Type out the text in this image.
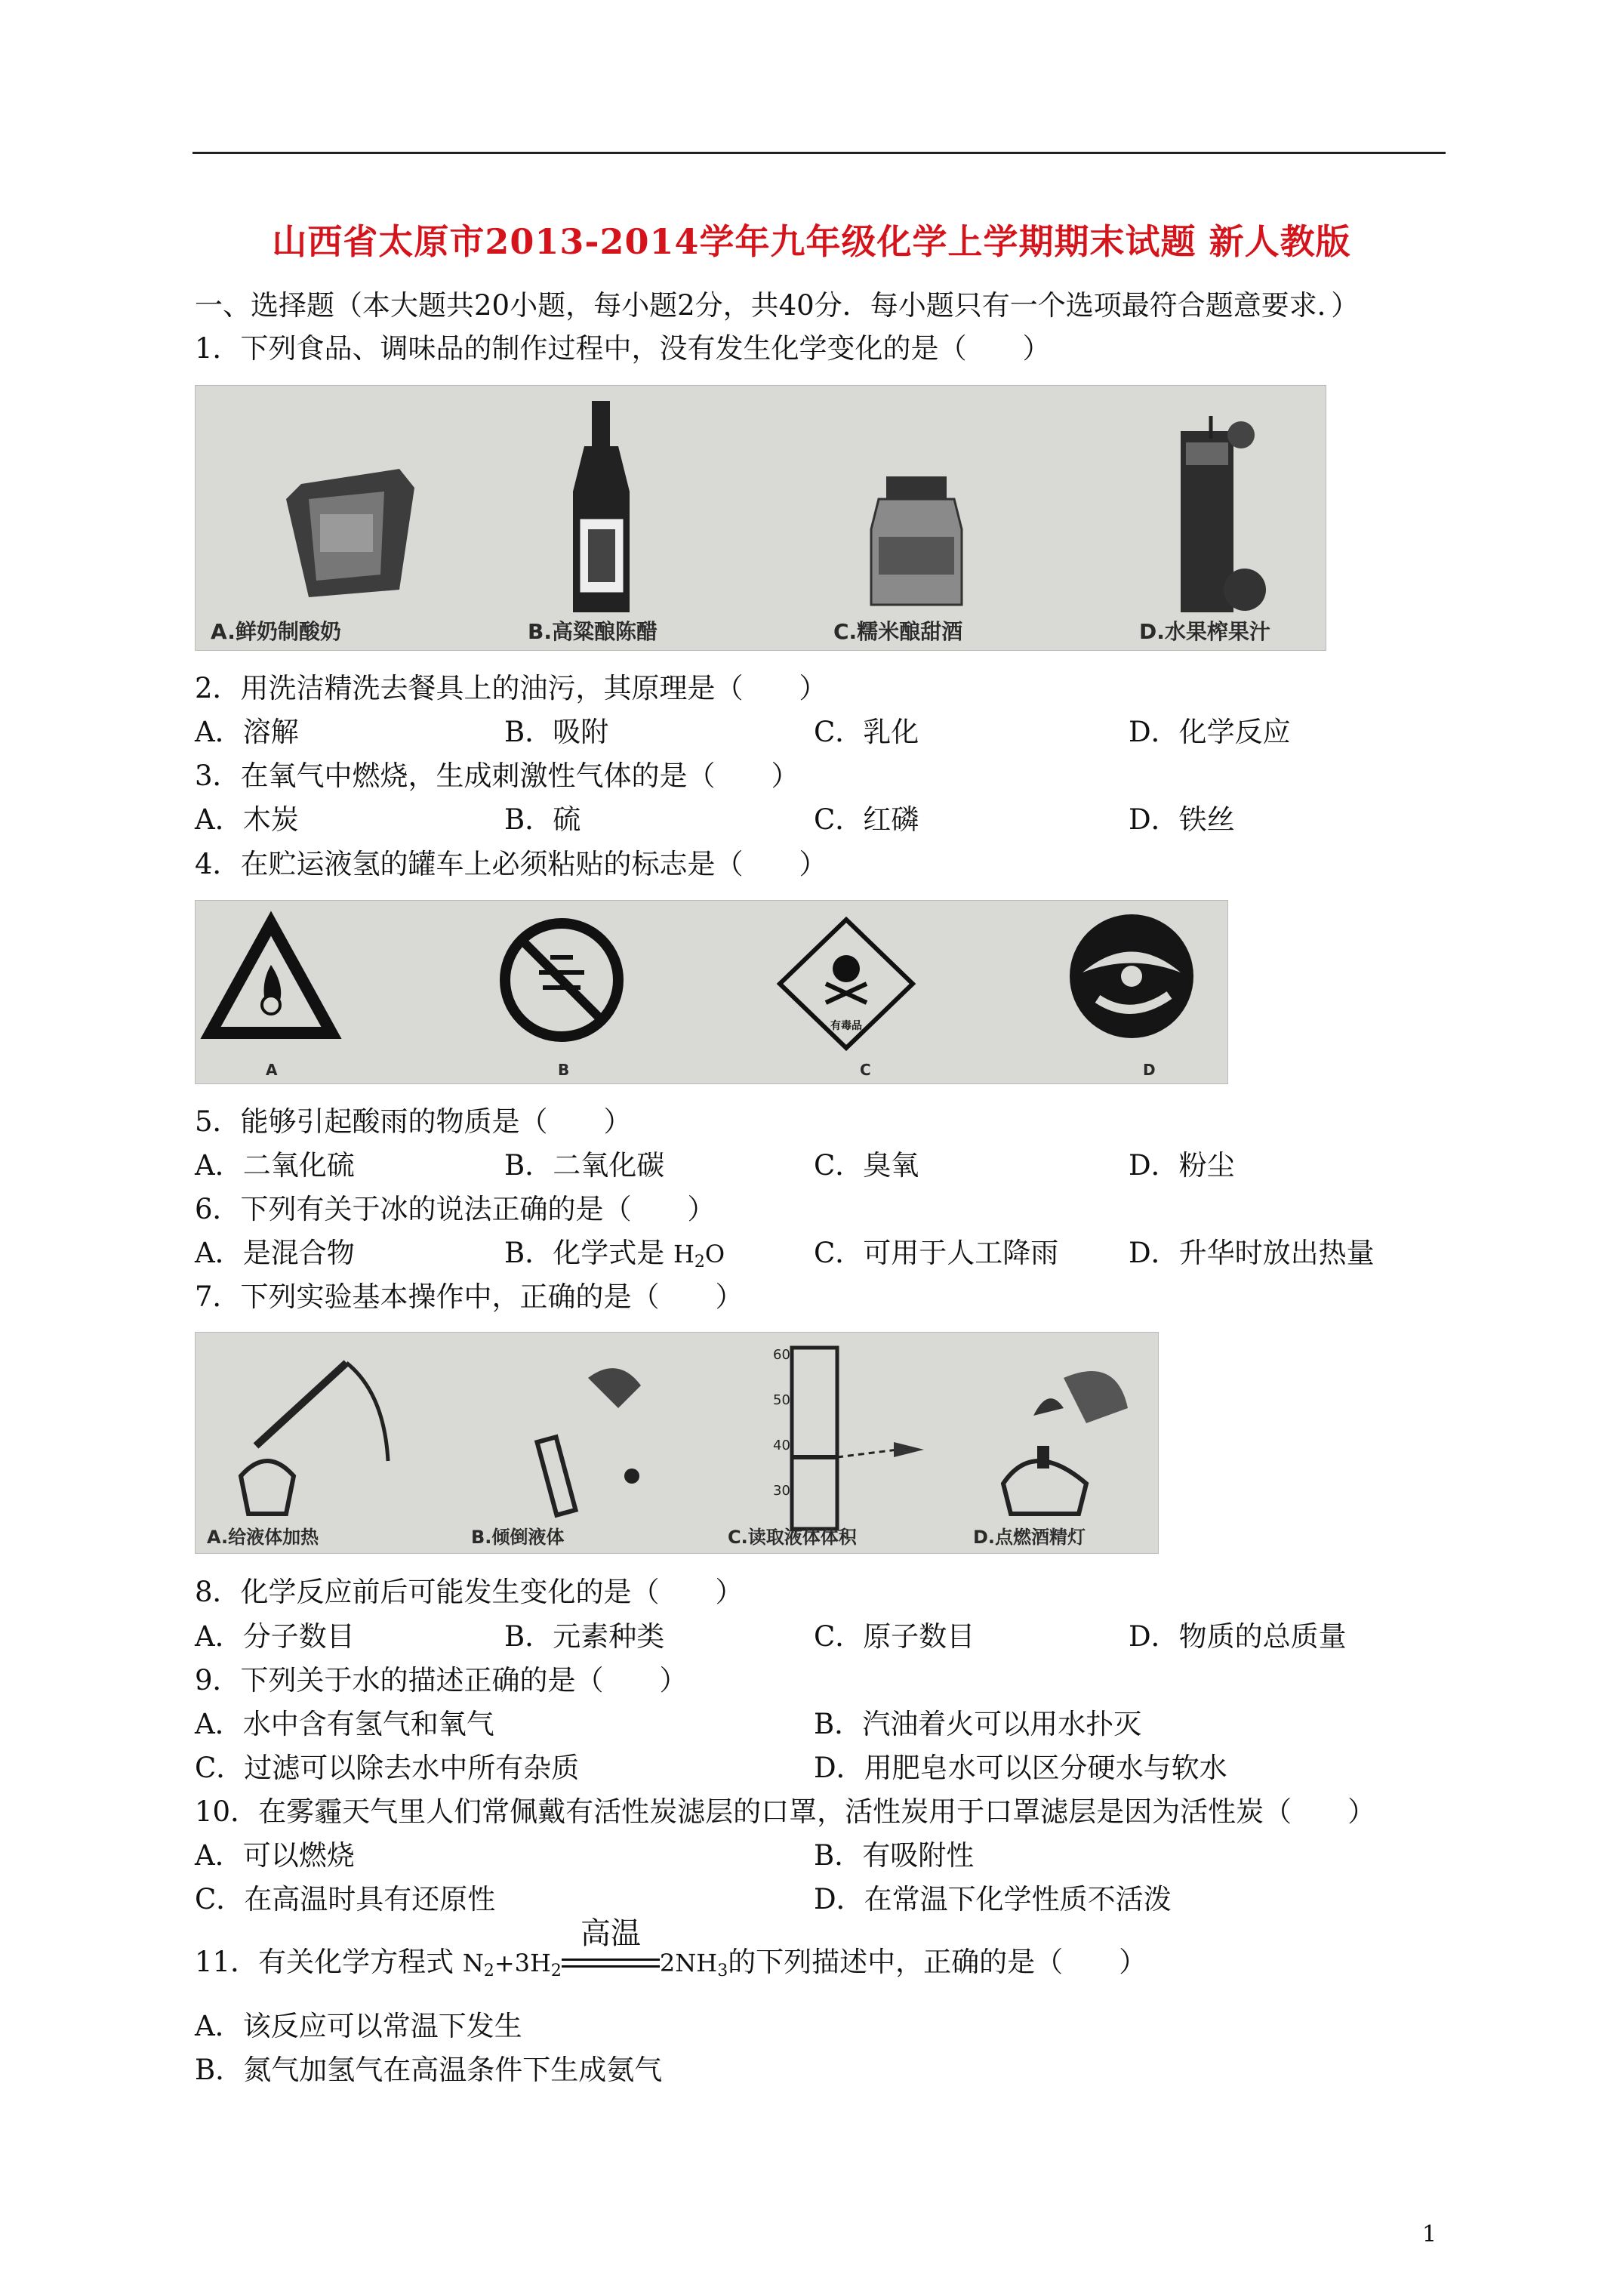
山西省太原市2013-2014学年九年级化学上学期期末试题 新人教版
一、选择题（本大题共20小题，每小题2分，共40分．每小题只有一个选项最符合题意要求．）
1．下列食品、调味品的制作过程中，没有发生化学变化的是（　　）
A.鲜奶制酸奶	B.高粱酿陈醋	C.糯米酿甜酒	D.水果榨果汁
2．用洗洁精洗去餐具上的油污，其原理是（　　）
A．溶解	B．吸附	C．乳化	D．化学反应
3．在氧气中燃烧，生成刺激性气体的是（　　）
A．木炭	B．硫	C．红磷	D．铁丝
4．在贮运液氢的罐车上必须粘贴的标志是（　　）
有毒品
A	B	C	D
5．能够引起酸雨的物质是（　　）
A．二氧化硫	B．二氧化碳	C．臭氧	D．粉尘
6．下列有关于冰的说法正确的是（　　）
A．是混合物	B．化学式是 $H_2O$	C．可用于人工降雨	D．升华时放出热量
7．下列实验基本操作中，正确的是（　　）
60
50
40
30
A.给液体加热	B.倾倒液体	C.读取液体体积	D.点燃酒精灯
8．化学反应前后可能发生变化的是（　　）
A．分子数目	B．元素种类	C．原子数目	D．物质的总质量
9．下列关于水的描述正确的是（　　）
A．水中含有氢气和氧气	B．汽油着火可以用水扑灭
C．过滤可以除去水中所有杂质	D．用肥皂水可以区分硬水与软水
10．在雾霾天气里人们常佩戴有活性炭滤层的口罩，活性炭用于口罩滤层是因为活性炭（　　）
A．可以燃烧	B．有吸附性
C．在高温时具有还原性	D．在常温下化学性质不活泼
11．有关化学方程式 $N_2+3H_2$
高温
$2NH_3$的下列描述中，正确的是（　　）
A．该反应可以常温下发生
B．氮气加氢气在高温条件下生成氨气
1
